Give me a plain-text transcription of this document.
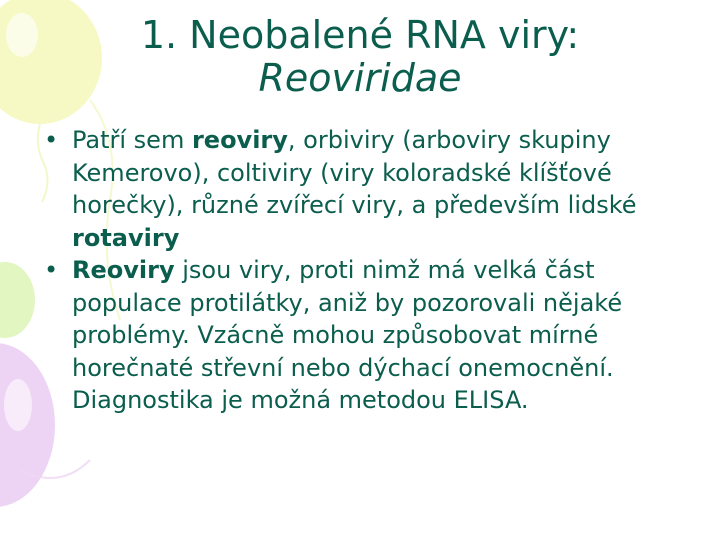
1. Neobalené RNA viry:
Reoviridae

• Patří sem reoviry, orbiviry (arboviry skupiny Kemerovo), coltiviry (viry koloradské klíšťové horečky), různé zvířecí viry, a především lidské rotaviry

• Reoviry jsou viry, proti nimž má velká část populace protilátky, aniž by pozorovali nějaké problémy. Vzácně mohou způsobovat mírné horečnaté střevní nebo dýchací onemocnění. Diagnostika je možná metodou ELISA.
